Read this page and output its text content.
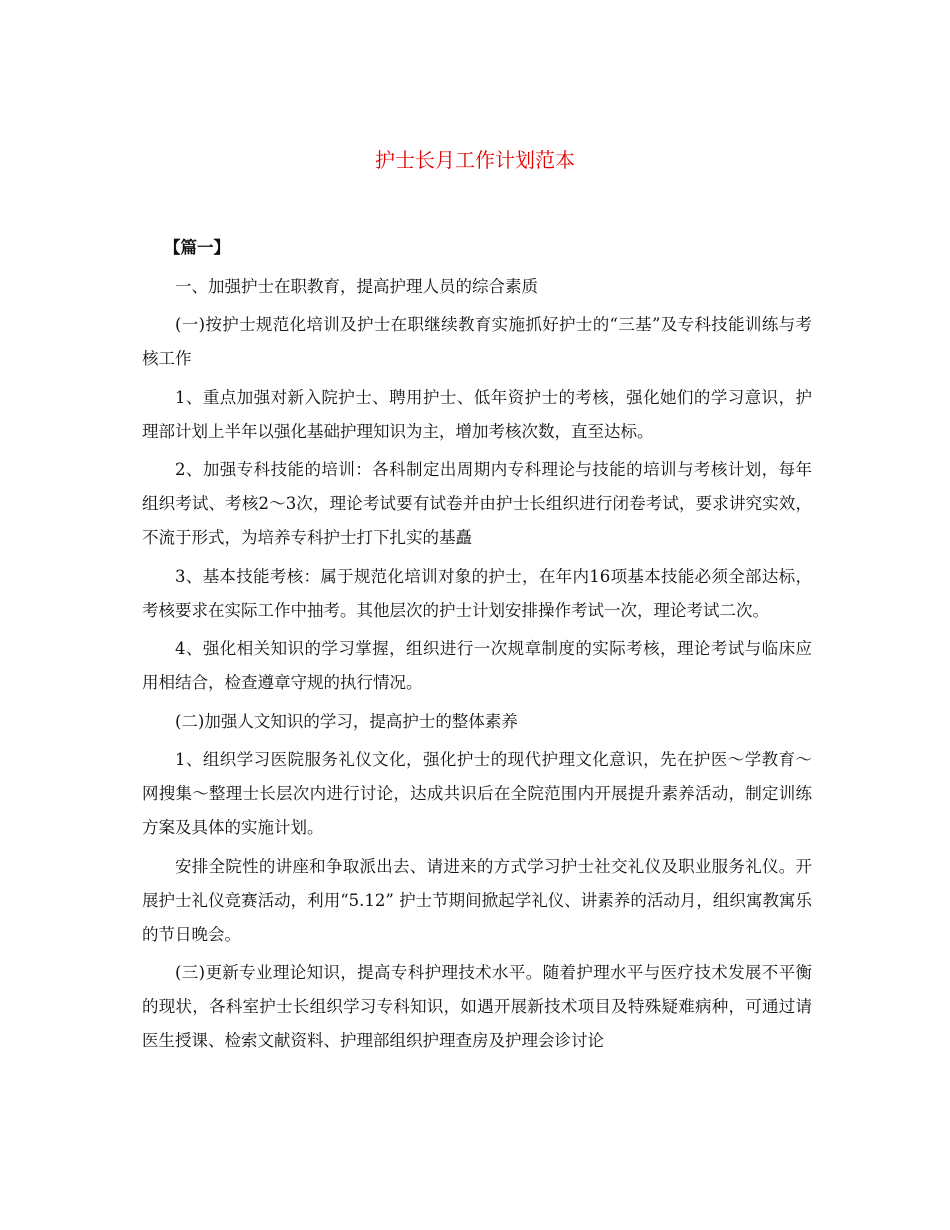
护士长月工作计划范本

【篇一】

一、加强护士在职教育，提高护理人员的综合素质

(一)按护士规范化培训及护士在职继续教育实施抓好护士的“三基”及专科技能训练与考核工作

1、重点加强对新入院护士、聘用护士、低年资护士的考核，强化她们的学习意识，护理部计划上半年以强化基础护理知识为主，增加考核次数，直至达标。

2、加强专科技能的培训：各科制定出周期内专科理论与技能的培训与考核计划，每年组织考试、考核2～3次，理论考试要有试卷并由护士长组织进行闭卷考试，要求讲究实效，不流于形式，为培养专科护士打下扎实的基矗

3、基本技能考核：属于规范化培训对象的护士，在年内16项基本技能必须全部达标，考核要求在实际工作中抽考。其他层次的护士计划安排操作考试一次，理论考试二次。

4、强化相关知识的学习掌握，组织进行一次规章制度的实际考核，理论考试与临床应用相结合，检查遵章守规的执行情况。

(二)加强人文知识的学习，提高护士的整体素养

1、组织学习医院服务礼仪文化，强化护士的现代护理文化意识，先在护医～学教育～网搜集～整理士长层次内进行讨论，达成共识后在全院范围内开展提升素养活动，制定训练方案及具体的实施计划。

安排全院性的讲座和争取派出去、请进来的方式学习护士社交礼仪及职业服务礼仪。开展护士礼仪竞赛活动，利用“5.12” 护士节期间掀起学礼仪、讲素养的活动月，组织寓教寓乐的节日晚会。

(三)更新专业理论知识，提高专科护理技术水平。随着护理水平与医疗技术发展不平衡的现状，各科室护士长组织学习专科知识，如遇开展新技术项目及特殊疑难病种，可通过请医生授课、检索文献资料、护理部组织护理查房及护理会诊讨论
